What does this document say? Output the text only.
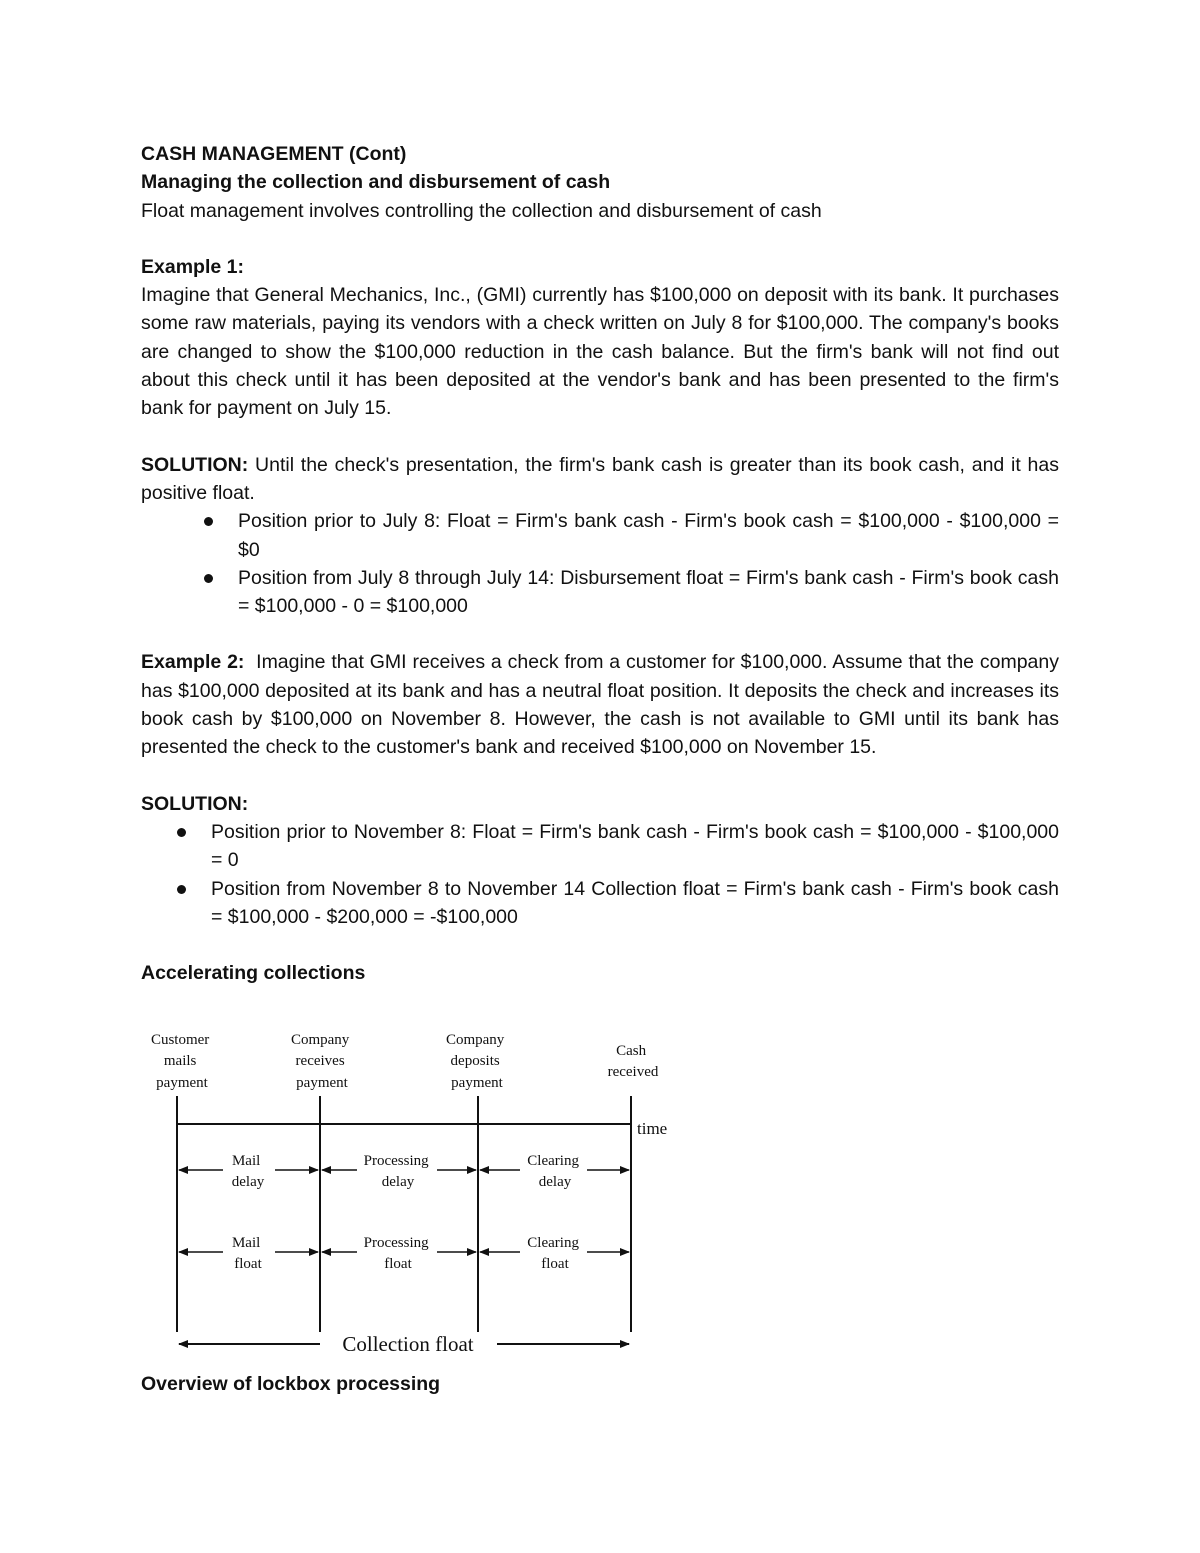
CASH MANAGEMENT (Cont)

Managing the collection and disbursement of cash

Float management involves controlling the collection and disbursement of cash

Example 1:

Imagine that General Mechanics, Inc., (GMI) currently has $100,000 on deposit with its bank. It purchases some raw materials, paying its vendors with a check written on July 8 for $100,000. The company's books are changed to show the $100,000 reduction in the cash balance. But the firm's bank will not find out about this check until it has been deposited at the vendor's bank and has been presented to the firm's bank for payment on July 15.

SOLUTION: Until the check's presentation, the firm's bank cash is greater than its book cash, and it has positive float.

Position prior to July 8: Float = Firm's bank cash - Firm's book cash = $100,000 - $100,000 = $0
Position from July 8 through July 14: Disbursement float = Firm's bank cash - Firm's book cash = $100,000 - 0 = $100,000

Example 2:  Imagine that GMI receives a check from a customer for $100,000. Assume that the company has $100,000 deposited at its bank and has a neutral float position. It deposits the check and increases its book cash by $100,000 on November 8. However, the cash is not available to GMI until its bank has presented the check to the customer's bank and received $100,000 on November 15.

SOLUTION:

Position prior to November 8: Float = Firm's bank cash - Firm's book cash = $100,000 - $100,000 = 0
Position from November 8 to November 14 Collection float = Firm's bank cash - Firm's book cash = $100,000 - $200,000 = -$100,000

Accelerating collections

Customer mails payment
Company receives payment
Company deposits payment
Cash received
time
Mail delay
Processing delay
Clearing delay
Mail float
Processing float
Clearing float
Collection float

Overview of lockbox processing
